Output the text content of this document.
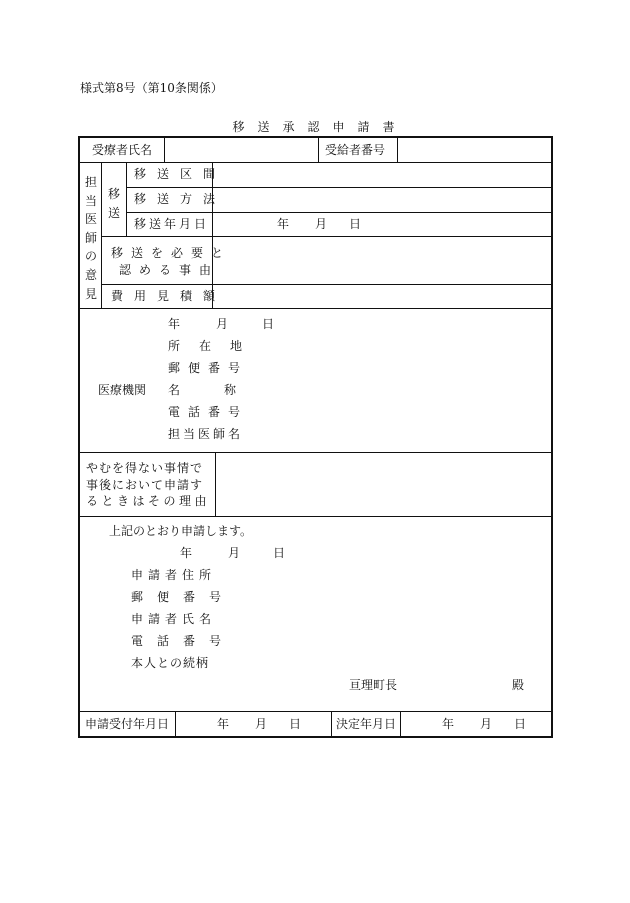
様式第8号（第10条関係）
移送承認申請書
受療者氏名	受給者番号
担当医師の意見
移送
移送区間
移送方法
移送年月日	年 月 日
移送を必要と
認める事由
費用見積額
年	月	日
所在地
郵便番号
医療機関 名称
電話番号
担当医師名
やむを得ない事情で
事後において申請す
るときはその理由
上記のとおり申請します。
年	月	日
申請者住所
郵便番号
申請者氏名
電話番号
本人との続柄
亘理町長	殿
申請受付年月日	年 月 日	決定年月日	年 月 日
